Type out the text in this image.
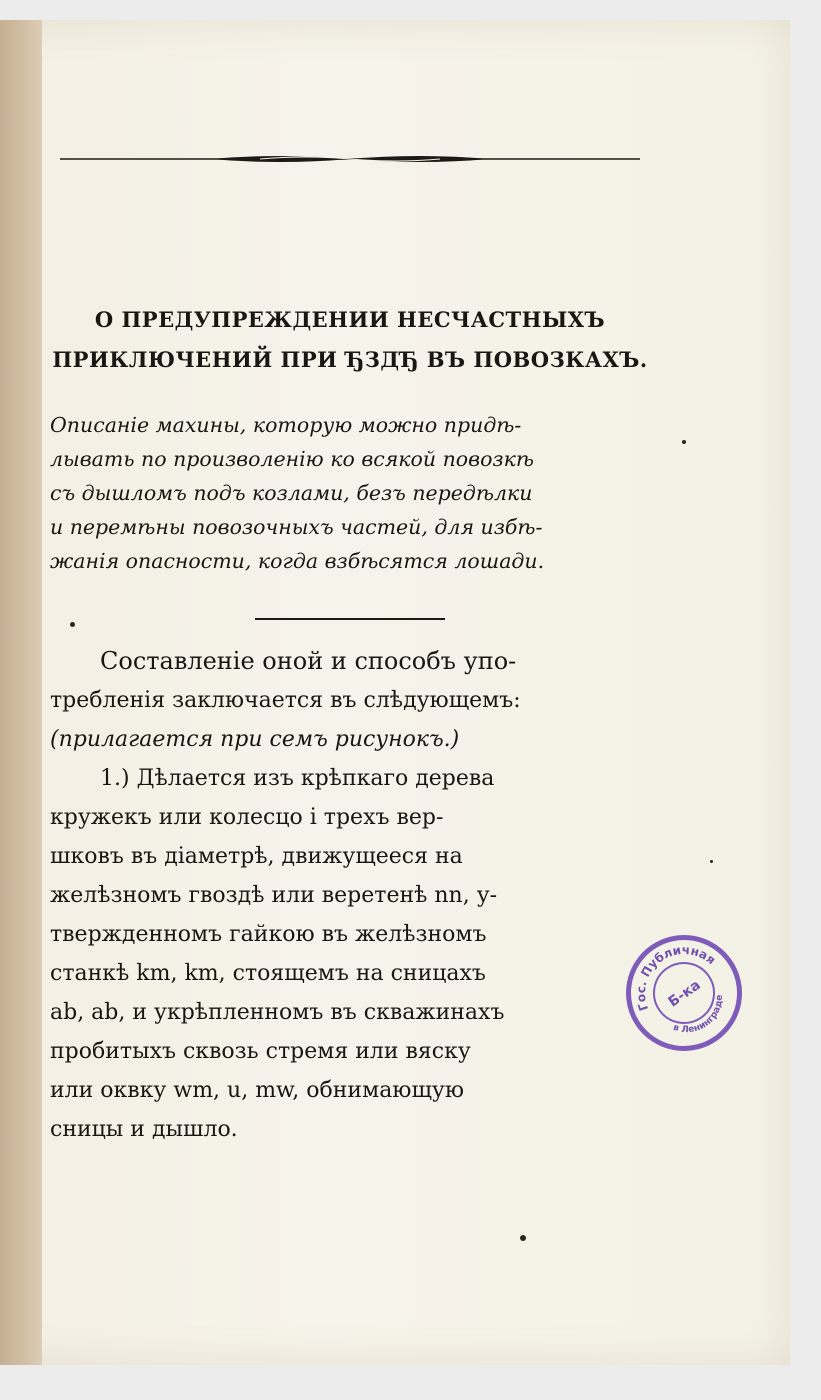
О ПРЕДУПРЕЖДЕНИИ НЕСЧАСТНЫХЪ
ПРИКЛЮЧЕНИЙ ПРИ ЂЗДЂ ВЪ ПОВОЗКАХЪ.
Описаніе махины, которую можно придѣ-
лывать по произволенію ко всякой повозкѣ
съ дышломъ подъ козлами, безъ передѣлки
и перемѣны повозочныхъ частей, для избѣ-
жанія опасности, когда взбѣсятся лошади.
Составленіе оной и способъ упо-
требленія заключается въ слѣдующемъ:
(прилагается при семъ рисунокъ.)
1.) Дѣлается изъ крѣпкаго дерева
кружекъ или колесцо і трехъ вер-
шковъ въ діаметрѣ, движущееся на
желѣзномъ гвоздѣ или веретенѣ nn, у-
твержденномъ гайкою въ желѣзномъ
станкѣ km, km, стоящемъ на сницахъ
ab, ab, и укрѣпленномъ въ скважинахъ
пробитыхъ сквозь стремя или вяску
или оквку wm, u, mw, обнимающую
сницы и дышло.
Гос. Публичная
Б-ка
в Ленинграде
